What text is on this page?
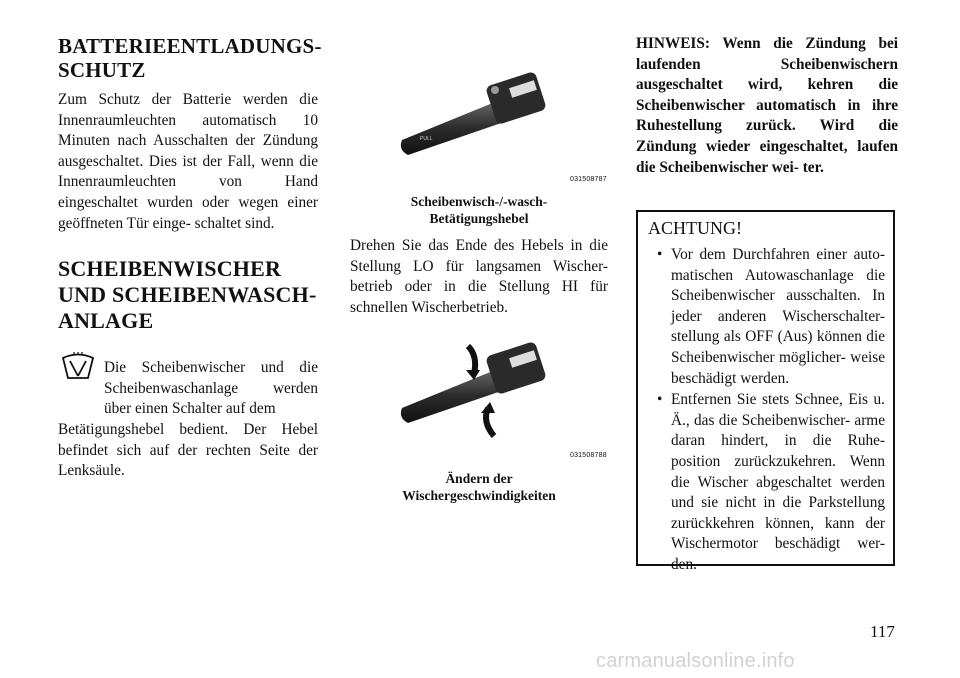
BATTERIEENTLADUNGS-
SCHUTZ

Zum Schutz der Batterie werden die Innenraumleuchten automatisch 10 Minuten nach Ausschalten der Zündung ausgeschaltet. Dies ist der Fall, wenn die Innenraumleuchten von Hand eingeschaltet wurden oder wegen einer geöffneten Tür einge- schaltet sind.

SCHEIBENWISCHER
UND SCHEIBENWASCH-
ANLAGE

Die Scheibenwischer und die Scheibenwaschanlage werden über einen Schalter auf dem

Betätigungshebel bedient. Der Hebel befindet sich auf der rechten Seite der Lenksäule.

PULL
031508787
Scheibenwisch-/-wasch-
Betätigungshebel

Drehen Sie das Ende des Hebels in die Stellung LO für langsamen Wischer- betrieb oder in die Stellung HI für schnellen Wischerbetrieb.

031508788
Ändern der
Wischergeschwindigkeiten

HINWEIS: Wenn die Zündung bei laufenden Scheibenwischern ausgeschaltet wird, kehren die Scheibenwischer automatisch in ihre Ruhestellung zurück. Wird die Zündung wieder eingeschaltet, laufen die Scheibenwischer wei- ter.

ACHTUNG!
• Vor dem Durchfahren einer auto- matischen Autowaschanlage die Scheibenwischer ausschalten. In jeder anderen Wischerschalter- stellung als OFF (Aus) können die Scheibenwischer möglicher- weise beschädigt werden.
• Entfernen Sie stets Schnee, Eis u. Ä., das die Scheibenwischer- arme daran hindert, in die Ruhe- position zurückzukehren. Wenn die Wischer abgeschaltet werden und sie nicht in die Parkstellung zurückkehren können, kann der Wischermotor beschädigt wer- den.
117
carmanualsonline.info
